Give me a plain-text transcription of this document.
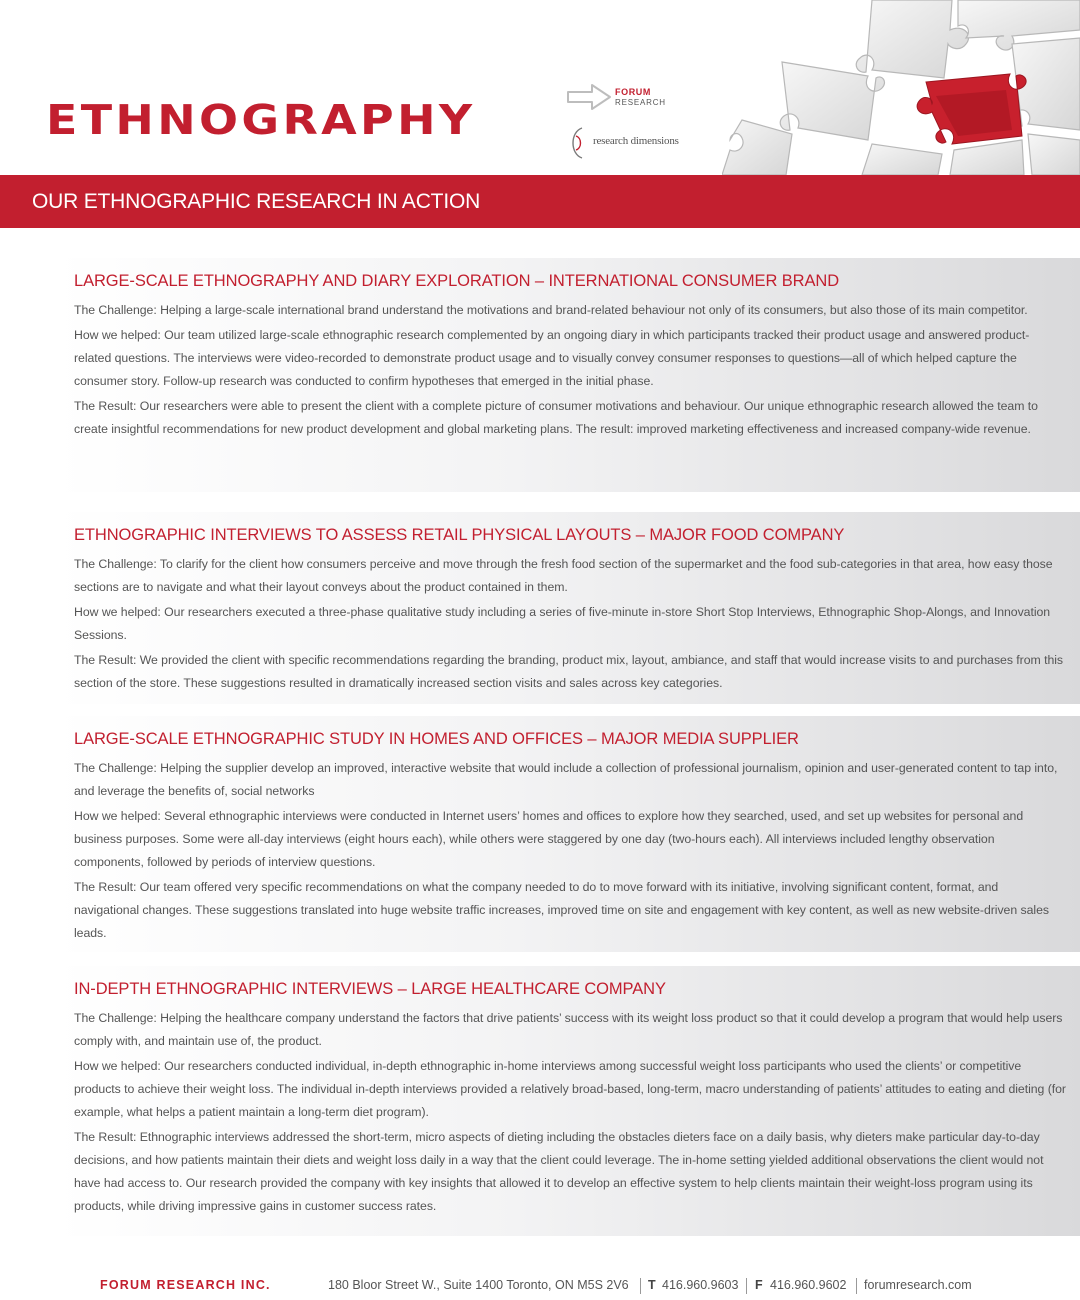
ETHNOGRAPHY
FORUM
RESEARCH
research dimensions
OUR ETHNOGRAPHIC RESEARCH IN ACTION
LARGE-SCALE ETHNOGRAPHY AND DIARY EXPLORATION – INTERNATIONAL CONSUMER BRAND

The Challenge: Helping a large-scale international brand understand the motivations and brand-related behaviour not only of its consumers, but also those of its main competitor.

How we helped: Our team utilized large-scale ethnographic research complemented by an ongoing diary in which participants tracked their product usage and answered product-related questions. The interviews were video-recorded to demonstrate product usage and to visually convey consumer responses to questions—all of which helped capture the consumer story. Follow-up research was conducted to confirm hypotheses that emerged in the initial phase.

The Result: Our researchers were able to present the client with a complete picture of consumer motivations and behaviour. Our unique ethnographic research allowed the team to create insightful recommendations for new product development and global marketing plans. The result: improved marketing effectiveness and increased company-wide revenue.

ETHNOGRAPHIC INTERVIEWS TO ASSESS RETAIL PHYSICAL LAYOUTS – MAJOR FOOD COMPANY

The Challenge: To clarify for the client how consumers perceive and move through the fresh food section of the supermarket and the food sub-categories in that area, how easy those sections are to navigate and what their layout conveys about the product contained in them.

How we helped: Our researchers executed a three-phase qualitative study including a series of five-minute in-store Short Stop Interviews, Ethnographic Shop-Alongs, and Innovation Sessions.

The Result: We provided the client with specific recommendations regarding the branding, product mix, layout, ambiance, and staff that would increase visits to and purchases from this section of the store. These suggestions resulted in dramatically increased section visits and sales across key categories.

LARGE-SCALE ETHNOGRAPHIC STUDY IN HOMES AND OFFICES – MAJOR MEDIA SUPPLIER

The Challenge: Helping the supplier develop an improved, interactive website that would include a collection of professional journalism, opinion and user-generated content to tap into, and leverage the benefits of, social networks

How we helped: Several ethnographic interviews were conducted in Internet users’ homes and offices to explore how they searched, used, and set up websites for personal and business purposes. Some were all-day interviews (eight hours each), while others were staggered by one day (two-hours each). All interviews included lengthy observation components, followed by periods of interview questions.

The Result: Our team offered very specific recommendations on what the company needed to do to move forward with its initiative, involving significant content, format, and navigational changes. These suggestions translated into huge website traffic increases, improved time on site and engagement with key content, as well as new website-driven sales leads.

IN-DEPTH ETHNOGRAPHIC INTERVIEWS – LARGE HEALTHCARE COMPANY

The Challenge: Helping the healthcare company understand the factors that drive patients’ success with its weight loss product so that it could develop a program that would help users comply with, and maintain use of, the product.

How we helped: Our researchers conducted individual, in-depth ethnographic in-home interviews among successful weight loss participants who used the clients’ or competitive products to achieve their weight loss. The individual in-depth interviews provided a relatively broad-based, long-term, macro understanding of patients’ attitudes to eating and dieting (for example, what helps a patient maintain a long-term diet program).

The Result: Ethnographic interviews addressed the short-term, micro aspects of dieting including the obstacles dieters face on a daily basis, why dieters make particular day-to-day decisions, and how patients maintain their diets and weight loss daily in a way that the client could leverage. The in-home setting yielded additional observations the client would not have had access to. Our research provided the company with key insights that allowed it to develop an effective system to help clients maintain their weight-loss program using its products, while driving impressive gains in customer success rates.

FORUM RESEARCH INC.	180 Bloor Street W., Suite 1400 Toronto, ON M5S 2V6 T 416.960.9603 F 416.960.9602 forumresearch.com
